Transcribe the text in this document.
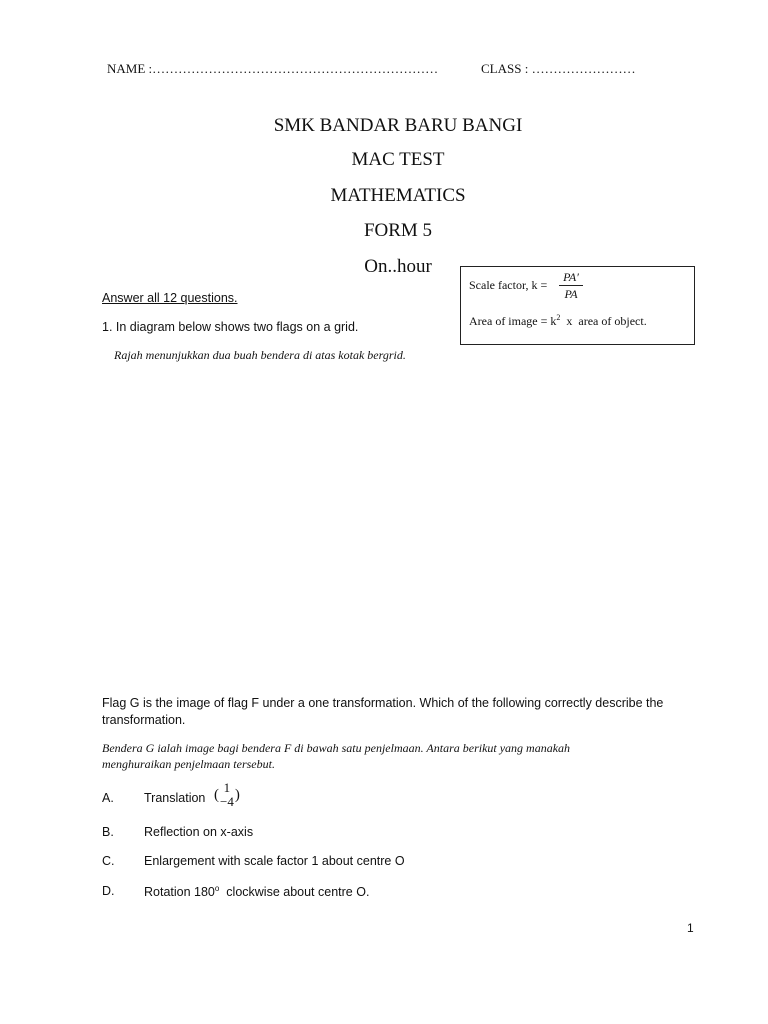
NAME :…………………………………………………………	CLASS : ……………………
SMK BANDAR BARU BANGI
MAC TEST
MATHEMATICS
FORM 5
On..hour
Scale factor, k =
PA′
PA
Area of image = $k^2$  x  area of object.
Answer all 12 questions.
1. In diagram below shows two flags on a grid.
Rajah menunjukkan dua buah bendera di atas kotak bergrid.
Flag G is the image of flag F under a one transformation. Which of the following correctly describe the
transformation.
Bendera G ialah image bagi bendera F di bawah satu penjelmaan. Antara berikut yang manakah
menghuraikan penjelmaan tersebut.
A. Translation ( 1
−4 )
B. Reflection on x-axis
C. Enlargement with scale factor 1 about centre O
D. Rotation 180$^o$  clockwise about centre O.
1
